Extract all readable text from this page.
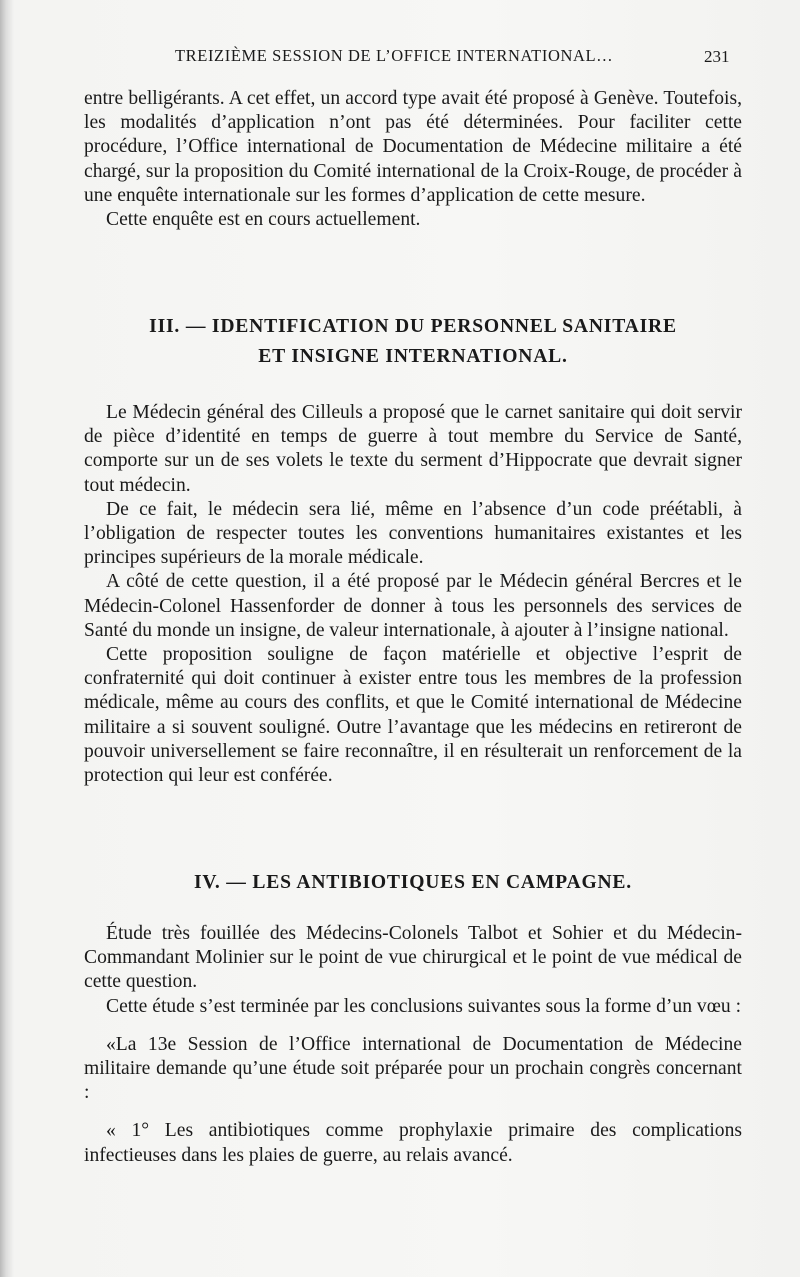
TREIZIÈME SESSION DE L’OFFICE INTERNATIONAL…	231

entre belligérants. A cet effet, un accord type avait été proposé à Genève. Toutefois, les modalités d’application n’ont pas été déterminées. Pour faciliter cette procédure, l’Office international de Documentation de Médecine militaire a été chargé, sur la proposition du Comité international de la Croix-Rouge, de procéder à une enquête internationale sur les formes d’application de cette mesure.

Cette enquête est en cours actuellement.

III. — IDENTIFICATION DU PERSONNEL SANITAIRE
ET INSIGNE INTERNATIONAL.

Le Médecin général des Cilleuls a proposé que le carnet sanitaire qui doit servir de pièce d’identité en temps de guerre à tout membre du Service de Santé, comporte sur un de ses volets le texte du serment d’Hippocrate que devrait signer tout médecin.

De ce fait, le médecin sera lié, même en l’absence d’un code préétabli, à l’obligation de respecter toutes les conventions humanitaires existantes et les principes supérieurs de la morale médicale.

A côté de cette question, il a été proposé par le Médecin général Bercres et le Médecin-Colonel Hassenforder de donner à tous les personnels des services de Santé du monde un insigne, de valeur internationale, à ajouter à l’insigne national.

Cette proposition souligne de façon matérielle et objective l’esprit de confraternité qui doit continuer à exister entre tous les membres de la profession médicale, même au cours des conflits, et que le Comité international de Médecine militaire a si souvent souligné. Outre l’avantage que les médecins en retireront de pouvoir universellement se faire reconnaître, il en résulterait un renforcement de la protection qui leur est conférée.

IV. — LES ANTIBIOTIQUES EN CAMPAGNE.

Étude très fouillée des Médecins-Colonels Talbot et Sohier et du Médecin-Commandant Molinier sur le point de vue chirurgical et le point de vue médical de cette question.

Cette étude s’est terminée par les conclusions suivantes sous la forme d’un vœu :

«La 13e Session de l’Office international de Documentation de Médecine militaire demande qu’une étude soit préparée pour un prochain congrès concernant :

« 1° Les antibiotiques comme prophylaxie primaire des complications infectieuses dans les plaies de guerre, au relais avancé.
